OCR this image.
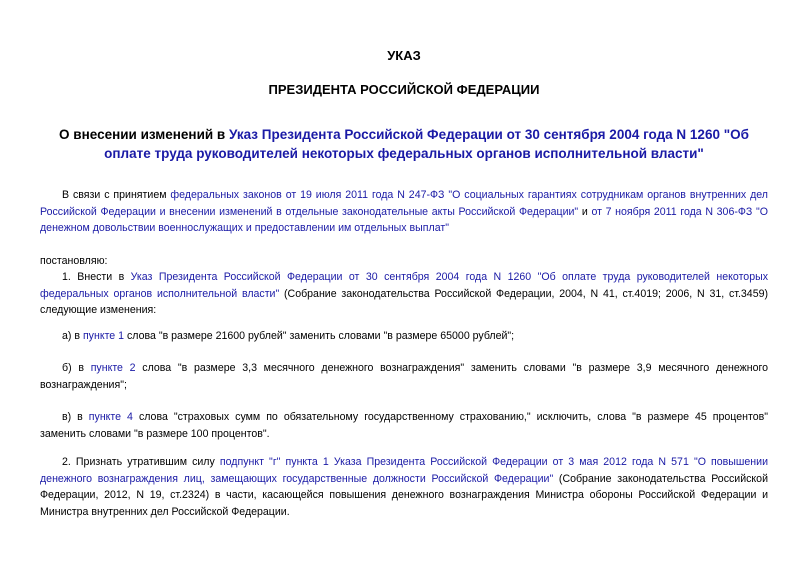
УКАЗ
ПРЕЗИДЕНТА РОССИЙСКОЙ ФЕДЕРАЦИИ
О внесении изменений в Указ Президента Российской Федерации от 30 сентября 2004 года N 1260 "Об оплате труда руководителей некоторых федеральных органов исполнительной власти"
В связи с принятием федеральных законов от 19 июля 2011 года N 247-ФЗ "О социальных гарантиях сотрудникам органов внутренних дел Российской Федерации и внесении изменений в отдельные законодательные акты Российской Федерации" и от 7 ноября 2011 года N 306-ФЗ "О денежном довольствии военнослужащих и предоставлении им отдельных выплат"
постановляю:
1. Внести в Указ Президента Российской Федерации от 30 сентября 2004 года N 1260 "Об оплате труда руководителей некоторых федеральных органов исполнительной власти" (Собрание законодательства Российской Федерации, 2004, N 41, ст.4019; 2006, N 31, ст.3459) следующие изменения:
а) в пункте 1 слова "в размере 21600 рублей" заменить словами "в размере 65000 рублей";
б) в пункте 2 слова "в размере 3,3 месячного денежного вознаграждения" заменить словами "в размере 3,9 месячного денежного вознаграждения";
в) в пункте 4 слова "страховых сумм по обязательному государственному страхованию," исключить, слова "в размере 45 процентов" заменить словами "в размере 100 процентов".
2. Признать утратившим силу подпункт "г" пункта 1 Указа Президента Российской Федерации от 3 мая 2012 года N 571 "О повышении денежного вознаграждения лиц, замещающих государственные должности Российской Федерации" (Собрание законодательства Российской Федерации, 2012, N 19, ст.2324) в части, касающейся повышения денежного вознаграждения Министра обороны Российской Федерации и Министра внутренних дел Российской Федерации.
